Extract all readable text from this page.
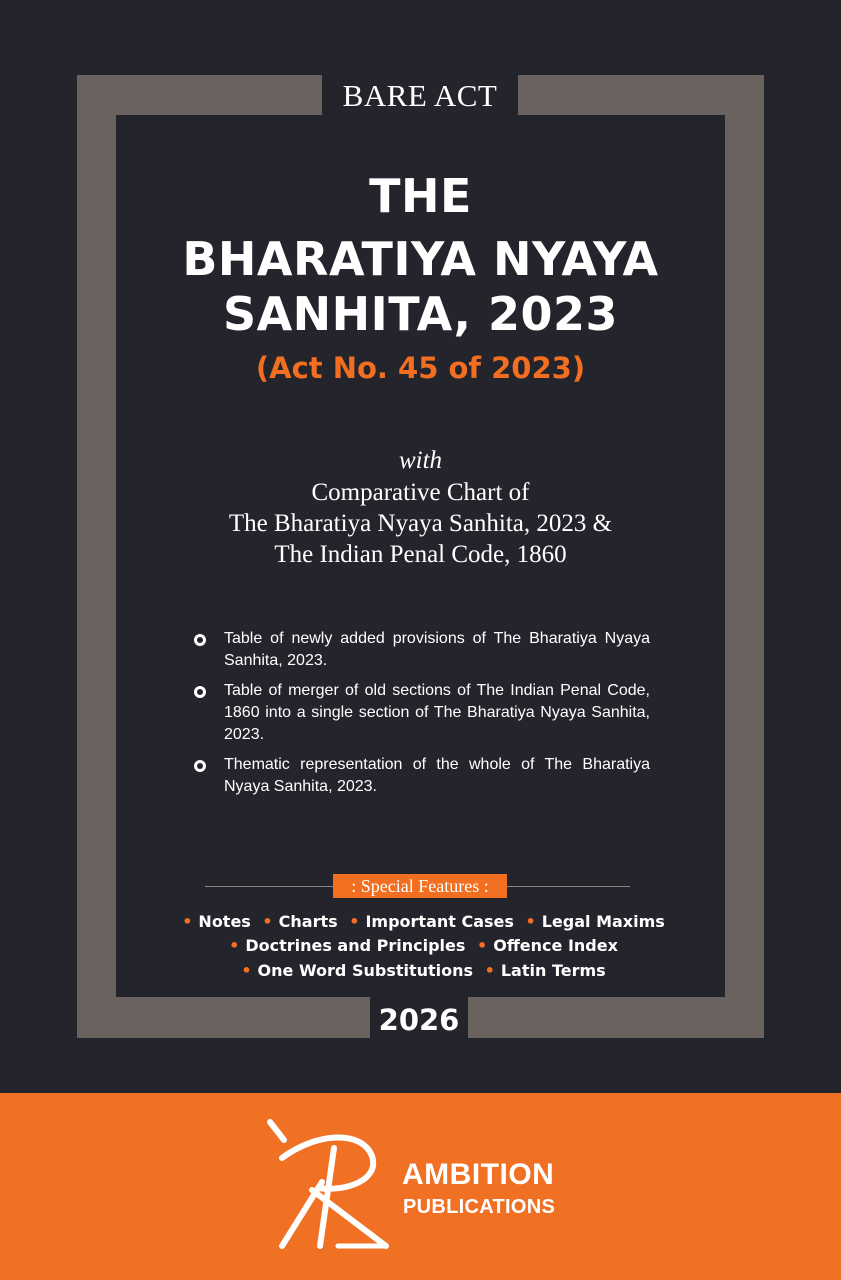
BARE ACT
THE
BHARATIYA NYAYA
SANHITA, 2023
(Act No. 45 of 2023)
with
Comparative Chart of
The Bharatiya Nyaya Sanhita, 2023 &
The Indian Penal Code, 1860
Table of newly added provisions of The Bharatiya Nyaya Sanhita, 2023.
Table of merger of old sections of The Indian Penal Code, 1860 into a single section of The Bharatiya Nyaya Sanhita, 2023.
Thematic representation of the whole of The Bharatiya Nyaya Sanhita, 2023.
: Special Features :
• Notes • Charts • Important Cases • Legal Maxims
• Doctrines and Principles • Offence Index
• One Word Substitutions • Latin Terms
2026
AMBITION
PUBLICATIONS
